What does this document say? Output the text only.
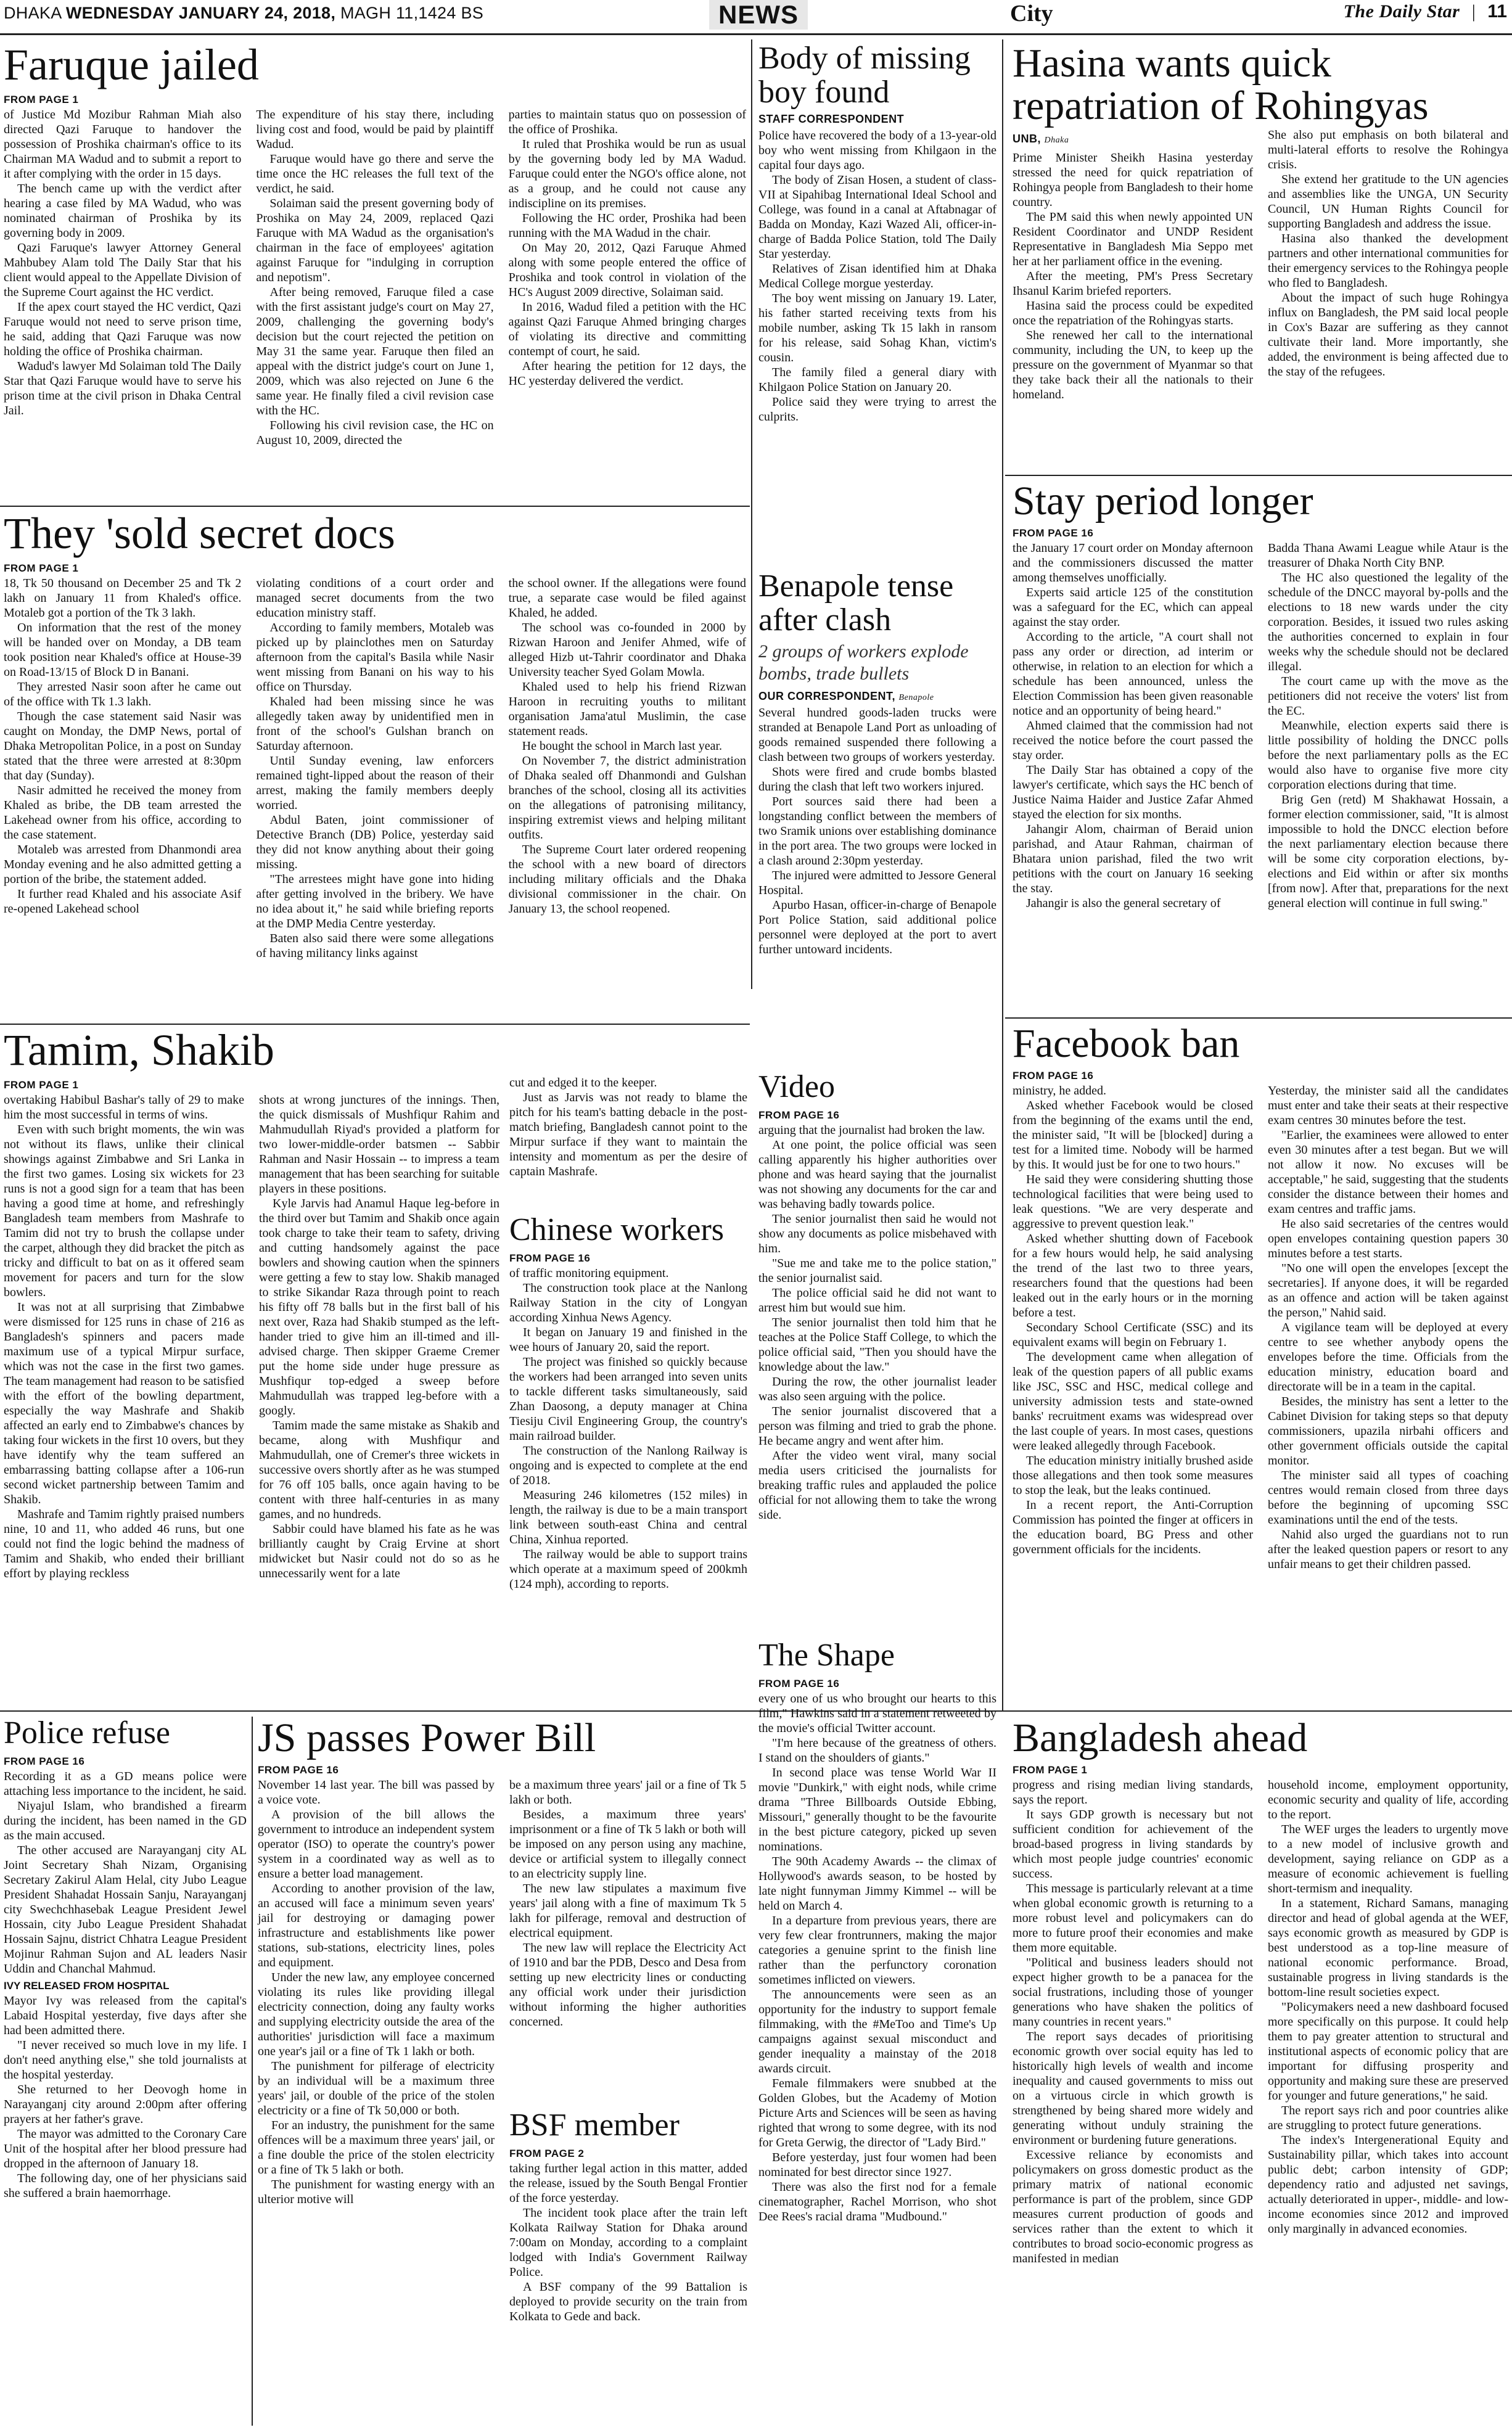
DHAKA WEDNESDAY JANUARY 24, 2018, MAGH 11,1424 BS	NEWS	City	The Daily Star | 11
Faruque jailed
FROM PAGE 1

of Justice Md Mozibur Rahman Miah also directed Qazi Faruque to handover the possession of Proshika chairman's office to its Chairman MA Wadud and to submit a report to it after complying with the order in 15 days.

The bench came up with the verdict after hearing a case filed by MA Wadud, who was nominated chairman of Proshika by its governing body in 2009.

Qazi Faruque's lawyer Attorney General Mahbubey Alam told The Daily Star that his client would appeal to the Appellate Division of the Supreme Court against the HC verdict.

If the apex court stayed the HC verdict, Qazi Faruque would not need to serve prison time, he said, adding that Qazi Faruque was now holding the office of Proshika chairman.

Wadud's lawyer Md Solaiman told The Daily Star that Qazi Faruque would have to serve his prison time at the civil prison in Dhaka Central Jail.

The expenditure of his stay there, including living cost and food, would be paid by plaintiff Wadud.

Faruque would have go there and serve the time once the HC releases the full text of the verdict, he said.

Solaiman said the present governing body of Proshika on May 24, 2009, replaced Qazi Faruque with MA Wadud as the organisation's chairman in the face of employees' agitation against Faruque for "indulging in corruption and nepotism".

After being removed, Faruque filed a case with the first assistant judge's court on May 27, 2009, challenging the governing body's decision but the court rejected the petition on May 31 the same year. Faruque then filed an appeal with the district judge's court on June 1, 2009, which was also rejected on June 6 the same year. He finally filed a civil revision case with the HC.

Following his civil revision case, the HC on August 10, 2009, directed the

parties to maintain status quo on possession of the office of Proshika.

It ruled that Proshika would be run as usual by the governing body led by MA Wadud. Faruque could enter the NGO's office alone, not as a group, and he could not cause any indiscipline on its premises.

Following the HC order, Proshika had been running with the MA Wadud in the chair.

On May 20, 2012, Qazi Faruque Ahmed along with some people entered the office of Proshika and took control in violation of the HC's August 2009 directive, Solaiman said.

In 2016, Wadud filed a petition with the HC against Qazi Faruque Ahmed bringing charges of violating its directive and committing contempt of court, he said.

After hearing the petition for 12 days, the HC yesterday delivered the verdict.

They 'sold secret docs
FROM PAGE 1

18, Tk 50 thousand on December 25 and Tk 2 lakh on January 11 from Khaled's office. Motaleb got a portion of the Tk 3 lakh.

On information that the rest of the money will be handed over on Monday, a DB team took position near Khaled's office at House-39 on Road-13/15 of Block D in Banani.

They arrested Nasir soon after he came out of the office with Tk 1.3 lakh.

Though the case statement said Nasir was caught on Monday, the DMP News, portal of Dhaka Metropolitan Police, in a post on Sunday stated that the three were arrested at 8:30pm that day (Sunday).

Nasir admitted he received the money from Khaled as bribe, the DB team arrested the Lakehead owner from his office, according to the case statement.

Motaleb was arrested from Dhanmondi area Monday evening and he also admitted getting a portion of the bribe, the statement added.

It further read Khaled and his associate Asif re-opened Lakehead school

violating conditions of a court order and managed secret documents from the two education ministry staff.

According to family members, Motaleb was picked up by plainclothes men on Saturday afternoon from the capital's Basila while Nasir went missing from Banani on his way to his office on Thursday.

Khaled had been missing since he was allegedly taken away by unidentified men in front of the school's Gulshan branch on Saturday afternoon.

Until Sunday evening, law enforcers remained tight-lipped about the reason of their arrest, making the family members deeply worried.

Abdul Baten, joint commissioner of Detective Branch (DB) Police, yesterday said they did not know anything about their going missing.

"The arrestees might have gone into hiding after getting involved in the bribery. We have no idea about it," he said while briefing reports at the DMP Media Centre yesterday.

Baten also said there were some allegations of having militancy links against

the school owner. If the allegations were found true, a separate case would be filed against Khaled, he added.

The school was co-founded in 2000 by Rizwan Haroon and Jenifer Ahmed, wife of alleged Hizb ut-Tahrir coordinator and Dhaka University teacher Syed Golam Mowla.

Khaled used to help his friend Rizwan Haroon in recruiting youths to militant organisation Jama'atul Muslimin, the case statement reads.

He bought the school in March last year.

On November 7, the district administration of Dhaka sealed off Dhanmondi and Gulshan branches of the school, closing all its activities on the allegations of patronising militancy, inspiring extremist views and helping militant outfits.

The Supreme Court later ordered reopening the school with a new board of directors including military officials and the Dhaka divisional commissioner in the chair. On January 13, the school reopened.

Tamim, Shakib
FROM PAGE 1

overtaking Habibul Bashar's tally of 29 to make him the most successful in terms of wins.

Even with such bright moments, the win was not without its flaws, unlike their clinical showings against Zimbabwe and Sri Lanka in the first two games. Losing six wickets for 23 runs is not a good sign for a team that has been having a good time at home, and refreshingly Bangladesh team members from Mashrafe to Tamim did not try to brush the collapse under the carpet, although they did bracket the pitch as tricky and difficult to bat on as it offered seam movement for pacers and turn for the slow bowlers.

It was not at all surprising that Zimbabwe were dismissed for 125 runs in chase of 216 as Bangladesh's spinners and pacers made maximum use of a typical Mirpur surface, which was not the case in the first two games. The team management had reason to be satisfied with the effort of the bowling department, especially the way Mashrafe and Shakib affected an early end to Zimbabwe's chances by taking four wickets in the first 10 overs, but they have identify why the team suffered an embarrassing batting collapse after a 106-run second wicket partnership between Tamim and Shakib.

Mashrafe and Tamim rightly praised numbers nine, 10 and 11, who added 46 runs, but one could not find the logic behind the madness of Tamim and Shakib, who ended their brilliant effort by playing reckless

shots at wrong junctures of the innings. Then, the quick dismissals of Mushfiqur Rahim and Mahmudullah Riyad's provided a platform for two lower-middle-order batsmen -- Sabbir Rahman and Nasir Hossain -- to impress a team management that has been searching for suitable players in these positions.

Kyle Jarvis had Anamul Haque leg-before in the third over but Tamim and Shakib once again took charge to take their team to safety, driving and cutting handsomely against the pace bowlers and showing caution when the spinners were getting a few to stay low. Shakib managed to strike Sikandar Raza through point to reach his fifty off 78 balls but in the first ball of his next over, Raza had Shakib stumped as the left-hander tried to give him an ill-timed and ill-advised charge. Then skipper Graeme Cremer put the home side under huge pressure as Mushfiqur top-edged a sweep before Mahmudullah was trapped leg-before with a googly.

Tamim made the same mistake as Shakib and became, along with Mushfiqur and Mahmudullah, one of Cremer's three wickets in successive overs shortly after as he was stumped for 76 off 105 balls, once again having to be content with three half-centuries in as many games, and no hundreds.

Sabbir could have blamed his fate as he was brilliantly caught by Craig Ervine at short midwicket but Nasir could not do so as he unnecessarily went for a late

cut and edged it to the keeper.

Just as Jarvis was not ready to blame the pitch for his team's batting debacle in the post-match briefing, Bangladesh cannot point to the Mirpur surface if they want to maintain the intensity and momentum as per the desire of captain Mashrafe.

Chinese workers
FROM PAGE 16

of traffic monitoring equipment.

The construction took place at the Nanlong Railway Station in the city of Longyan according Xinhua News Agency.

It began on January 19 and finished in the wee hours of January 20, said the report.

The project was finished so quickly because the workers had been arranged into seven units to tackle different tasks simultaneously, said Zhan Daosong, a deputy manager at China Tiesiju Civil Engineering Group, the country's main railroad builder.

The construction of the Nanlong Railway is ongoing and is expected to complete at the end of 2018.

Measuring 246 kilometres (152 miles) in length, the railway is due to be a main transport link between south-east China and central China, Xinhua reported.

The railway would be able to support trains which operate at a maximum speed of 200kmh (124 mph), according to reports.

Police refuse
FROM PAGE 16

Recording it as a GD means police were attaching less importance to the incident, he said.

Niyajul Islam, who brandished a firearm during the incident, has been named in the GD as the main accused.

The other accused are Narayanganj city AL Joint Secretary Shah Nizam, Organising Secretary Zakirul Alam Helal, city Jubo League President Shahadat Hossain Sanju, Narayanganj city Swechchhasebak League President Jewel Hossain, city Jubo League President Shahadat Hossain Sajnu, district Chhatra League President Mojinur Rahman Sujon and AL leaders Nasir Uddin and Chanchal Mahmud.

IVY RELEASED FROM HOSPITAL

Mayor Ivy was released from the capital's Labaid Hospital yesterday, five days after she had been admitted there.

"I never received so much love in my life. I don't need anything else," she told journalists at the hospital yesterday.

She returned to her Deovogh home in Narayanganj city around 2:00pm after offering prayers at her father's grave.

The mayor was admitted to the Coronary Care Unit of the hospital after her blood pressure had dropped in the afternoon of January 18.

The following day, one of her physicians said she suffered a brain haemorrhage.

JS passes Power Bill
FROM PAGE 16

November 14 last year. The bill was passed by a voice vote.

A provision of the bill allows the government to introduce an independent system operator (ISO) to operate the country's power system in a coordinated way as well as to ensure a better load management.

According to another provision of the law, an accused will face a minimum seven years' jail for destroying or damaging power infrastructure and establishments like power stations, sub-stations, electricity lines, poles and equipment.

Under the new law, any employee concerned violating its rules like providing illegal electricity connection, doing any faulty works and supplying electricity outside the area of the authorities' jurisdiction will face a maximum one year's jail or a fine of Tk 1 lakh or both.

The punishment for pilferage of electricity by an individual will be a maximum three years' jail, or double of the price of the stolen electricity or a fine of Tk 50,000 or both.

For an industry, the punishment for the same offences will be a maximum three years' jail, or a fine double the price of the stolen electricity or a fine of Tk 5 lakh or both.

The punishment for wasting energy with an ulterior motive will

be a maximum three years' jail or a fine of Tk 5 lakh or both.

Besides, a maximum three years' imprisonment or a fine of Tk 5 lakh or both will be imposed on any person using any machine, device or artificial system to illegally connect to an electricity supply line.

The new law stipulates a maximum five years' jail along with a fine of maximum Tk 5 lakh for pilferage, removal and destruction of electrical equipment.

The new law will replace the Electricity Act of 1910 and bar the PDB, Desco and Desa from setting up new electricity lines or conducting any official work under their jurisdiction without informing the higher authorities concerned.

BSF member
FROM PAGE 2

taking further legal action in this matter, added the release, issued by the South Bengal Frontier of the force yesterday.

The incident took place after the train left Kolkata Railway Station for Dhaka around 7:00am on Monday, according to a complaint lodged with India's Government Railway Police.

A BSF company of the 99 Battalion is deployed to provide security on the train from Kolkata to Gede and back.

Body of missing boy found
STAFF CORRESPONDENT

Police have recovered the body of a 13-year-old boy who went missing from Khilgaon in the capital four days ago.

The body of Zisan Hosen, a student of class-VII at Sipahibag International Ideal School and College, was found in a canal at Aftabnagar of Badda on Monday, Kazi Wazed Ali, officer-in-charge of Badda Police Station, told The Daily Star yesterday.

Relatives of Zisan identified him at Dhaka Medical College morgue yesterday.

The boy went missing on January 19. Later, his father started receiving texts from his mobile number, asking Tk 15 lakh in ransom for his release, said Sohag Khan, victim's cousin.

The family filed a general diary with Khilgaon Police Station on January 20.

Police said they were trying to arrest the culprits.

Benapole tense after clash
2 groups of workers explode bombs, trade bullets
OUR CORRESPONDENT, Benapole

Several hundred goods-laden trucks were stranded at Benapole Land Port as unloading of goods remained suspended there following a clash between two groups of workers yesterday.

Shots were fired and crude bombs blasted during the clash that left two workers injured.

Port sources said there had been a longstanding conflict between the members of two Sramik unions over establishing dominance in the port area. The two groups were locked in a clash around 2:30pm yesterday.

The injured were admitted to Jessore General Hospital.

Apurbo Hasan, officer-in-charge of Benapole Port Police Station, said additional police personnel were deployed at the port to avert further untoward incidents.

Video
FROM PAGE 16

arguing that the journalist had broken the law.

At one point, the police official was seen calling apparently his higher authorities over phone and was heard saying that the journalist was not showing any documents for the car and was behaving badly towards police.

The senior journalist then said he would not show any documents as police misbehaved with him.

"Sue me and take me to the police station," the senior journalist said.

The police official said he did not want to arrest him but would sue him.

The senior journalist then told him that he teaches at the Police Staff College, to which the police official said, "Then you should have the knowledge about the law."

During the row, the other journalist leader was also seen arguing with the police.

The senior journalist discovered that a person was filming and tried to grab the phone. He became angry and went after him.

After the video went viral, many social media users criticised the journalists for breaking traffic rules and applauded the police official for not allowing them to take the wrong side.

The Shape
FROM PAGE 16

every one of us who brought our hearts to this film," Hawkins said in a statement retweeted by the movie's official Twitter account.

"I'm here because of the greatness of others. I stand on the shoulders of giants."

In second place was tense World War II movie "Dunkirk," with eight nods, while crime drama "Three Billboards Outside Ebbing, Missouri," generally thought to be the favourite in the best picture category, picked up seven nominations.

The 90th Academy Awards -- the climax of Hollywood's awards season, to be hosted by late night funnyman Jimmy Kimmel -- will be held on March 4.

In a departure from previous years, there are very few clear frontrunners, making the major categories a genuine sprint to the finish line rather than the perfunctory coronation sometimes inflicted on viewers.

The announcements were seen as an opportunity for the industry to support female filmmaking, with the #MeToo and Time's Up campaigns against sexual misconduct and gender inequality a mainstay of the 2018 awards circuit.

Female filmmakers were snubbed at the Golden Globes, but the Academy of Motion Picture Arts and Sciences will be seen as having righted that wrong to some degree, with its nod for Greta Gerwig, the director of "Lady Bird."

Before yesterday, just four women had been nominated for best director since 1927.

There was also the first nod for a female cinematographer, Rachel Morrison, who shot Dee Rees's racial drama "Mudbound."

Hasina wants quick repatriation of Rohingyas
UNB, Dhaka

Prime Minister Sheikh Hasina yesterday stressed the need for quick repatriation of Rohingya people from Bangladesh to their home country.

The PM said this when newly appointed UN Resident Coordinator and UNDP Resident Representative in Bangladesh Mia Seppo met her at her parliament office in the evening.

After the meeting, PM's Press Secretary Ihsanul Karim briefed reporters.

Hasina said the process could be expedited once the repatriation of the Rohingyas starts.

She renewed her call to the international community, including the UN, to keep up the pressure on the government of Myanmar so that they take back their all the nationals to their homeland.

She also put emphasis on both bilateral and multi-lateral efforts to resolve the Rohingya crisis.

She extend her gratitude to the UN agencies and assemblies like the UNGA, UN Security Council, UN Human Rights Council for supporting Bangladesh and address the issue.

Hasina also thanked the development partners and other international communities for their emergency services to the Rohingya people who fled to Bangladesh.

About the impact of such huge Rohingya influx on Bangladesh, the PM said local people in Cox's Bazar are suffering as they cannot cultivate their land. More importantly, she added, the environment is being affected due to the stay of the refugees.

Stay period longer
FROM PAGE 16

the January 17 court order on Monday afternoon and the commissioners discussed the matter among themselves unofficially.

Experts said article 125 of the constitution was a safeguard for the EC, which can appeal against the stay order.

According to the article, "A court shall not pass any order or direction, ad interim or otherwise, in relation to an election for which a schedule has been announced, unless the Election Commission has been given reasonable notice and an opportunity of being heard."

Ahmed claimed that the commission had not received the notice before the court passed the stay order.

The Daily Star has obtained a copy of the lawyer's certificate, which says the HC bench of Justice Naima Haider and Justice Zafar Ahmed stayed the election for six months.

Jahangir Alom, chairman of Beraid union parishad, and Ataur Rahman, chairman of Bhatara union parishad, filed the two writ petitions with the court on January 16 seeking the stay.

Jahangir is also the general secretary of

Badda Thana Awami League while Ataur is the treasurer of Dhaka North City BNP.

The HC also questioned the legality of the schedule of the DNCC mayoral by-polls and the elections to 18 new wards under the city corporation. Besides, it issued two rules asking the authorities concerned to explain in four weeks why the schedule should not be declared illegal.

The court came up with the move as the petitioners did not receive the voters' list from the EC.

Meanwhile, election experts said there is little possibility of holding the DNCC polls before the next parliamentary polls as the EC would also have to organise five more city corporation elections during that time.

Brig Gen (retd) M Shakhawat Hossain, a former election commissioner, said, "It is almost impossible to hold the DNCC election before the next parliamentary election because there will be some city corporation elections, by-elections and Eid within or after six months [from now]. After that, preparations for the next general election will continue in full swing."

Facebook ban
FROM PAGE 16

ministry, he added.

Asked whether Facebook would be closed from the beginning of the exams until the end, the minister said, "It will be [blocked] during a test for a limited time. Nobody will be harmed by this. It would just be for one to two hours."

He said they were considering shutting those technological facilities that were being used to leak questions. "We are very desperate and aggressive to prevent question leak."

Asked whether shutting down of Facebook for a few hours would help, he said analysing the trend of the last two to three years, researchers found that the questions had been leaked out in the early hours or in the morning before a test.

Secondary School Certificate (SSC) and its equivalent exams will begin on February 1.

The development came when allegation of leak of the question papers of all public exams like JSC, SSC and HSC, medical college and university admission tests and state-owned banks' recruitment exams was widespread over the last couple of years. In most cases, questions were leaked allegedly through Facebook.

The education ministry initially brushed aside those allegations and then took some measures to stop the leak, but the leaks continued.

In a recent report, the Anti-Corruption Commission has pointed the finger at officers in the education board, BG Press and other government officials for the incidents.

Yesterday, the minister said all the candidates must enter and take their seats at their respective exam centres 30 minutes before the test.

"Earlier, the examinees were allowed to enter even 30 minutes after a test began. But we will not allow it now. No excuses will be acceptable," he said, suggesting that the students consider the distance between their homes and exam centres and traffic jams.

He also said secretaries of the centres would open envelopes containing question papers 30 minutes before a test starts.

"No one will open the envelopes [except the secretaries]. If anyone does, it will be regarded as an offence and action will be taken against the person," Nahid said.

A vigilance team will be deployed at every centre to see whether anybody opens the envelopes before the time. Officials from the education ministry, education board and directorate will be in a team in the capital.

Besides, the ministry has sent a letter to the Cabinet Division for taking steps so that deputy commissioners, upazila nirbahi officers and other government officials outside the capital monitor.

The minister said all types of coaching centres would remain closed from three days before the beginning of upcoming SSC examinations until the end of the tests.

Nahid also urged the guardians not to run after the leaked question papers or resort to any unfair means to get their children passed.

Bangladesh ahead
FROM PAGE 1

progress and rising median living standards, says the report.

It says GDP growth is necessary but not sufficient condition for achievement of the broad-based progress in living standards by which most people judge countries' economic success.

This message is particularly relevant at a time when global economic growth is returning to a more robust level and policymakers can do more to future proof their economies and make them more equitable.

"Political and business leaders should not expect higher growth to be a panacea for the social frustrations, including those of younger generations who have shaken the politics of many countries in recent years."

The report says decades of prioritising economic growth over social equity has led to historically high levels of wealth and income inequality and caused governments to miss out on a virtuous circle in which growth is strengthened by being shared more widely and generating without unduly straining the environment or burdening future generations.

Excessive reliance by economists and policymakers on gross domestic product as the primary matrix of national economic performance is part of the problem, since GDP measures current production of goods and services rather than the extent to which it contributes to broad socio-economic progress as manifested in median

household income, employment opportunity, economic security and quality of life, according to the report.

The WEF urges the leaders to urgently move to a new model of inclusive growth and development, saying reliance on GDP as a measure of economic achievement is fuelling short-termism and inequality.

In a statement, Richard Samans, managing director and head of global agenda at the WEF, says economic growth as measured by GDP is best understood as a top-line measure of national economic performance. Broad, sustainable progress in living standards is the bottom-line result societies expect.

"Policymakers need a new dashboard focused more specifically on this purpose. It could help them to pay greater attention to structural and institutional aspects of economic policy that are important for diffusing prosperity and opportunity and making sure these are preserved for younger and future generations," he said.

The report says rich and poor countries alike are struggling to protect future generations.

The index's Intergenerational Equity and Sustainability pillar, which takes into account public debt; carbon intensity of GDP; dependency ratio and adjusted net savings, actually deteriorated in upper-, middle- and low-income economies since 2012 and improved only marginally in advanced economies.
